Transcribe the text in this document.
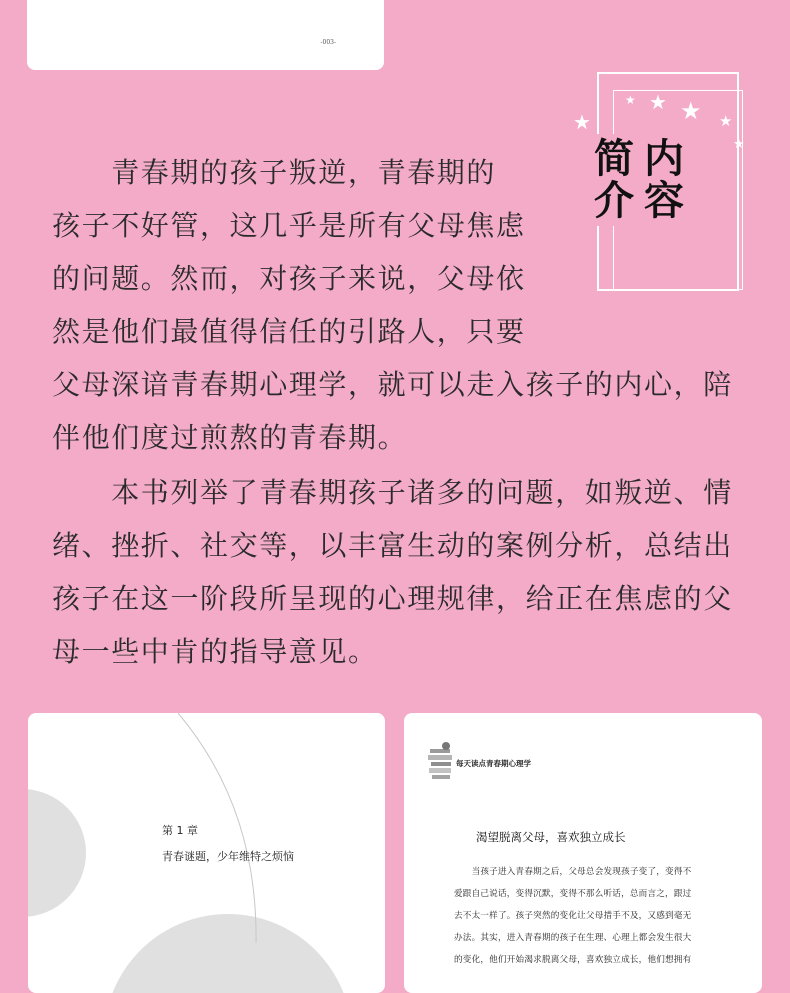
-003-
★
★ ★ ★ ★
★
简 内
介 容
　　青春期的孩子叛逆，青春期的
孩子不好管，这几乎是所有父母焦虑
的问题。然而，对孩子来说，父母依
然是他们最值得信任的引路人，只要
父母深谙青春期心理学，就可以走入孩子的内心，陪
伴他们度过煎熬的青春期。
　　本书列举了青春期孩子诸多的问题，如叛逆、情
绪、挫折、社交等，以丰富生动的案例分析，总结出
孩子在这一阶段所呈现的心理规律，给正在焦虑的父
母一些中肯的指导意见。
第 1 章
青春谜题，少年维特之烦恼
每天读点青春期心理学
渴望脱离父母，喜欢独立成长
　　当孩子进入青春期之后，父母总会发现孩子变了，变得不
爱跟自己说话，变得沉默，变得不那么听话，总而言之，跟过
去不太一样了。孩子突然的变化让父母措手不及，又感到毫无
办法。其实，进入青春期的孩子在生理、心理上都会发生很大
的变化，他们开始渴求脱离父母，喜欢独立成长，他们想拥有
